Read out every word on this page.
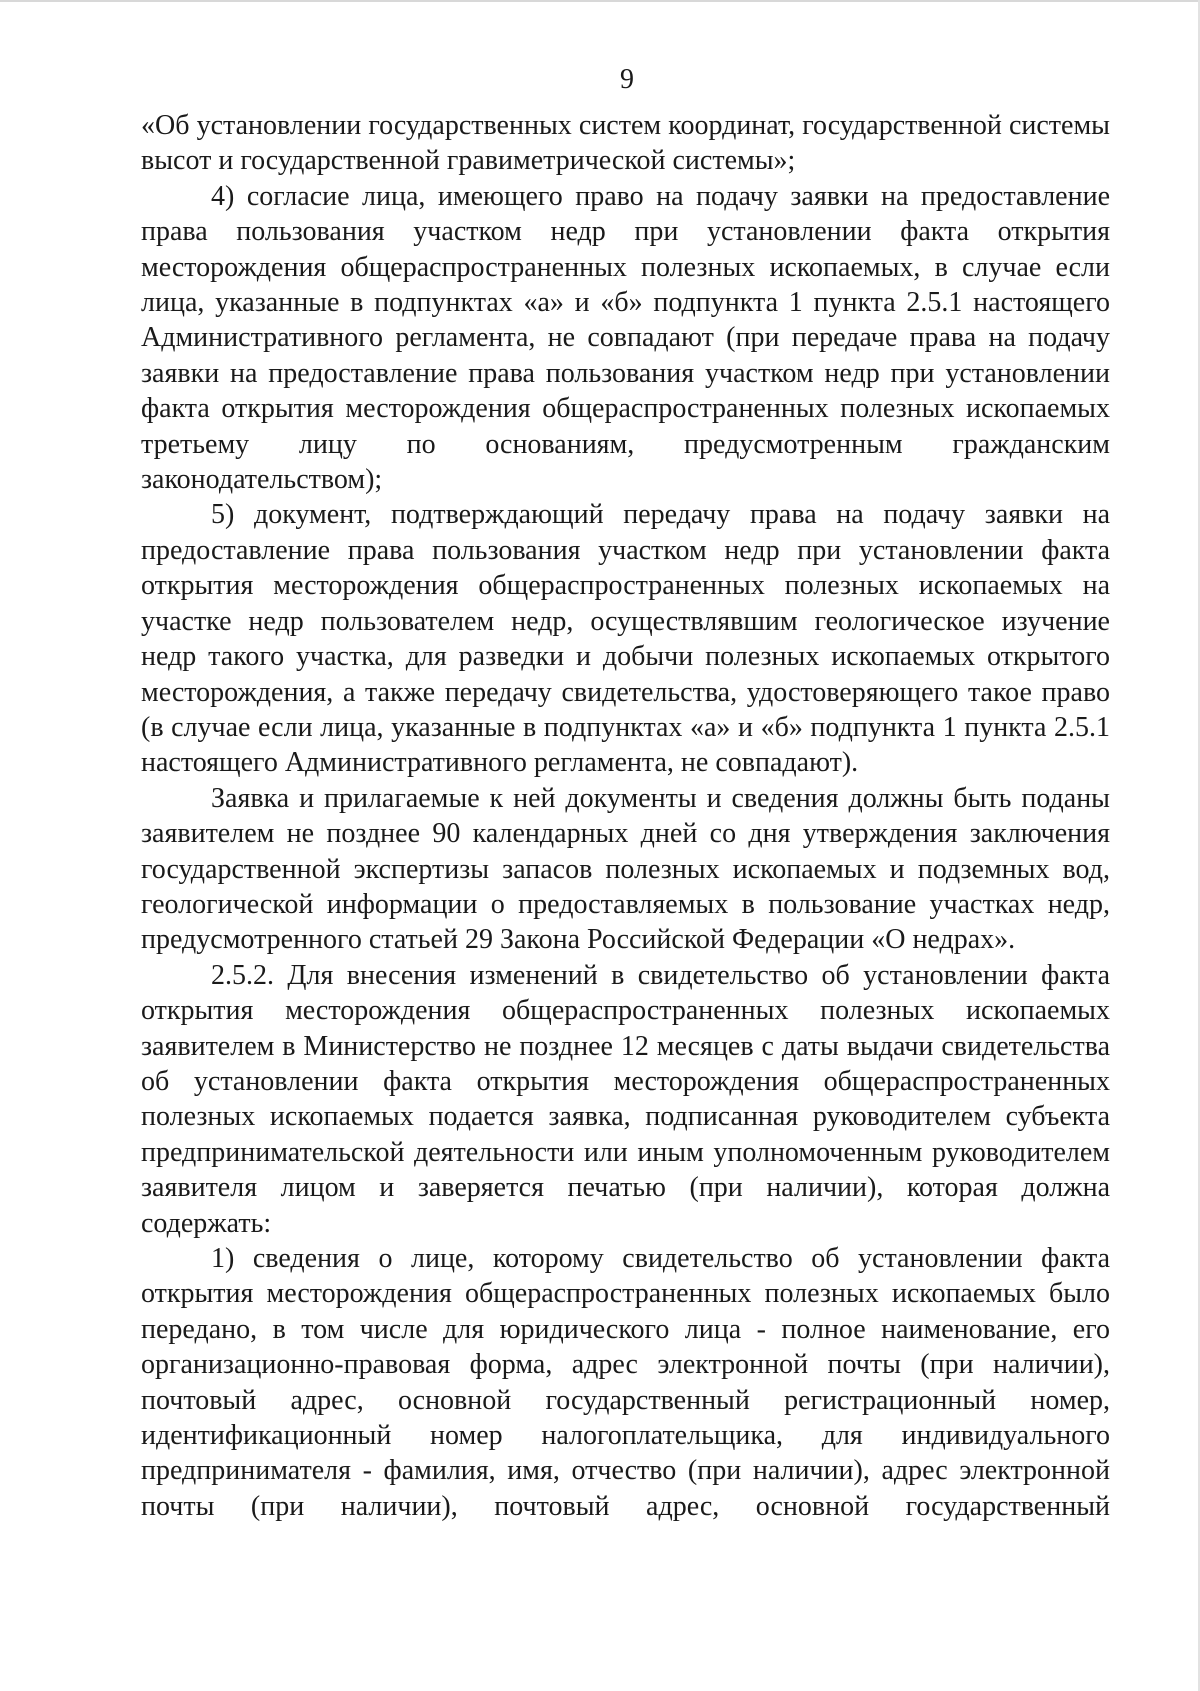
9

«Об установлении государственных систем координат, государственной системы высот и государственной гравиметрической системы»;

4) согласие лица, имеющего право на подачу заявки на предоставление права пользования участком недр при установлении факта открытия месторождения общераспространенных полезных ископаемых, в случае если лица, указанные в подпунктах «а» и «б» подпункта 1 пункта 2.5.1 настоящего Административного регламента, не совпадают (при передаче права на подачу заявки на предоставление права пользования участком недр при установлении факта открытия месторождения общераспространенных полезных ископаемых третьему лицу по основаниям, предусмотренным гражданским законодательством);

5) документ, подтверждающий передачу права на подачу заявки на предоставление права пользования участком недр при установлении факта открытия месторождения общераспространенных полезных ископаемых на участке недр пользователем недр, осуществлявшим геологическое изучение недр такого участка, для разведки и добычи полезных ископаемых открытого месторождения, а также передачу свидетельства, удостоверяющего такое право (в случае если лица, указанные в подпунктах «а» и «б» подпункта 1 пункта 2.5.1 настоящего Административного регламента, не совпадают).

Заявка и прилагаемые к ней документы и сведения должны быть поданы заявителем не позднее 90 календарных дней со дня утверждения заключения государственной экспертизы запасов полезных ископаемых и подземных вод, геологической информации о предоставляемых в пользование участках недр, предусмотренного статьей 29 Закона Российской Федерации «О недрах».

2.5.2. Для внесения изменений в свидетельство об установлении факта открытия месторождения общераспространенных полезных ископаемых заявителем в Министерство не позднее 12 месяцев с даты выдачи свидетельства об установлении факта открытия месторождения общераспространенных полезных ископаемых подается заявка, подписанная руководителем субъекта предпринимательской деятельности или иным уполномоченным руководителем заявителя лицом и заверяется печатью (при наличии), которая должна содержать:

1) сведения о лице, которому свидетельство об установлении факта открытия месторождения общераспространенных полезных ископаемых было передано, в том числе для юридического лица - полное наименование, его организационно-правовая форма, адрес электронной почты (при наличии), почтовый адрес, основной государственный регистрационный номер, идентификационный номер налогоплательщика, для индивидуального предпринимателя - фамилия, имя, отчество (при наличии), адрес электронной почты (при наличии), почтовый адрес, основной государственный
